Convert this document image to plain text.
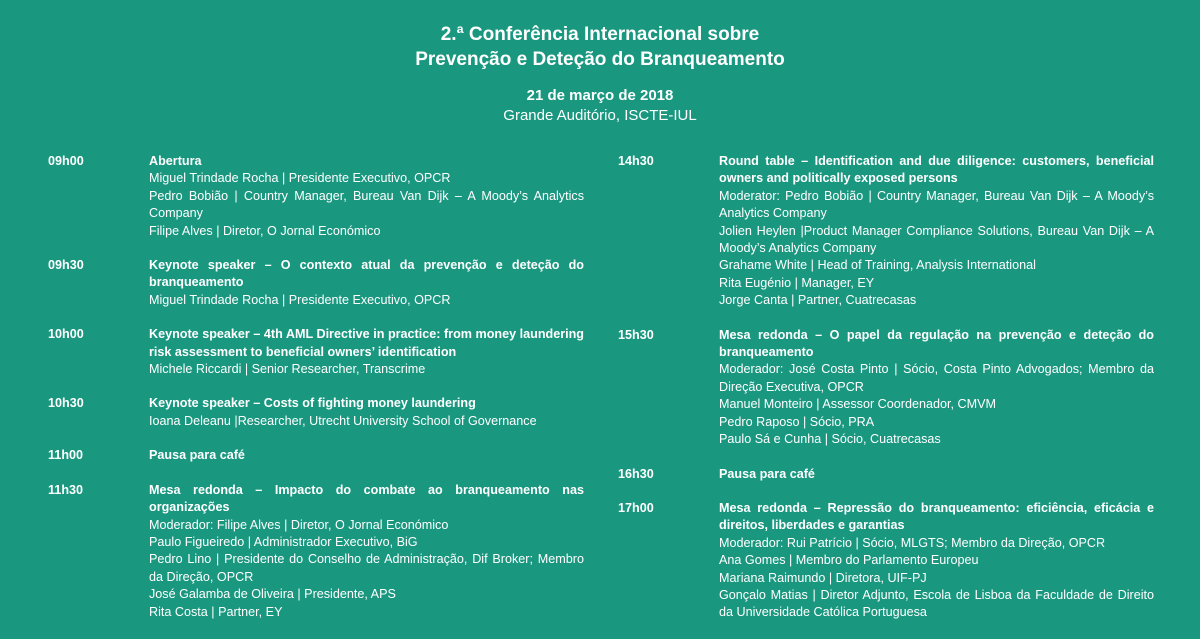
2.ª Conferência Internacional sobre
Prevenção e Deteção do Branqueamento
21 de março de 2018
Grande Auditório, ISCTE-IUL
09h00	Abertura
Miguel Trindade Rocha | Presidente Executivo, OPCR
Pedro Bobião | Country Manager, Bureau Van Dijk – A Moody’s Analytics Company
Filipe Alves | Diretor, O Jornal Económico
09h30	Keynote speaker – O contexto atual da prevenção e deteção do branqueamento
Miguel Trindade Rocha | Presidente Executivo, OPCR
10h00	Keynote speaker – 4th AML Directive in practice: from money laundering risk assessment to beneficial owners’ identification
Michele Riccardi | Senior Researcher, Transcrime
10h30	Keynote speaker – Costs of fighting money laundering
Ioana Deleanu |Researcher, Utrecht University School of Governance
11h00	Pausa para café
11h30	Mesa redonda – Impacto do combate ao branqueamento nas organizações
Moderador: Filipe Alves | Diretor, O Jornal Económico
Paulo Figueiredo | Administrador Executivo, BiG
Pedro Lino | Presidente do Conselho de Administração, Dif Broker; Membro da Direção, OPCR
José Galamba de Oliveira | Presidente, APS
Rita Costa | Partner, EY
14h30	Round table – Identification and due diligence: customers, beneficial owners and politically exposed persons
Moderator: Pedro Bobião | Country Manager, Bureau Van Dijk – A Moody’s Analytics Company
Jolien Heylen |Product Manager Compliance Solutions, Bureau Van Dijk – A Moody’s Analytics Company
Grahame White | Head of Training, Analysis International
Rita Eugénio | Manager, EY
Jorge Canta | Partner, Cuatrecasas
15h30	Mesa redonda – O papel da regulação na prevenção e deteção do branqueamento
Moderador: José Costa Pinto | Sócio, Costa Pinto Advogados; Membro da Direção Executiva, OPCR
Manuel Monteiro | Assessor Coordenador, CMVM
Pedro Raposo | Sócio, PRA
Paulo Sá e Cunha | Sócio, Cuatrecasas
16h30	Pausa para café
17h00	Mesa redonda – Repressão do branqueamento: eficiência, eficácia e direitos, liberdades e garantias
Moderador: Rui Patrício | Sócio, MLGTS; Membro da Direção, OPCR
Ana Gomes | Membro do Parlamento Europeu
Mariana Raimundo | Diretora, UIF-PJ
Gonçalo Matias | Diretor Adjunto, Escola de Lisboa da Faculdade de Direito da Universidade Católica Portuguesa
